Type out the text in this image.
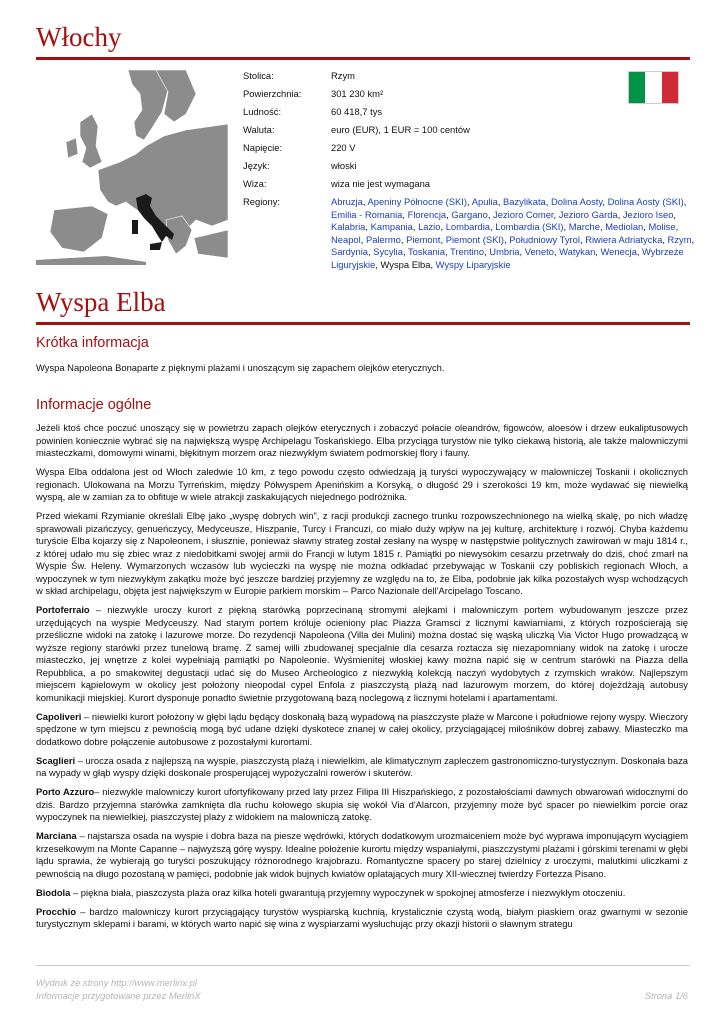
Włochy
Stolica:	Rzym
Powierzchnia:	301 230 km²
Ludność:	60 418,7 tys
Waluta:	euro (EUR), 1 EUR = 100 centów
Napięcie:	220 V
Język:	włoski
Wiza:	wiza nie jest wymagana
Regiony:	Abruzja, Apeniny Północne (SKI), Apulia, Bazylikata, Dolina Aosty, Dolina Aosty (SKI), Emilia - Romania, Florencja, Gargano, Jezioro Comer, Jezioro Garda, Jezioro Iseo, Kalabria, Kampania, Lazio, Lombardia, Lombardia (SKI), Marche, Mediolan, Molise, Neapol, Palermo, Piemont, Piemont (SKI), Południowy Tyrol, Riwiera Adriatycka, Rzym, Sardynia, Sycylia, Toskania, Trentino, Umbria, Veneto, Watykan, Wenecja, Wybrzeże Liguryjskie, Wyspa Elba, Wyspy Liparyjskie
Wyspa Elba
Krótka informacja

Wyspa Napoleona Bonaparte z pięknymi plażami i unoszącym się zapachem olejków eterycznych.

Informacje ogólne

Jeżeli ktoś chce poczuć unoszący się w powietrzu zapach olejków eterycznych i zobaczyć połacie oleandrów, figowców, aloesów i drzew eukaliptusowych powinien koniecznie wybrać się na największą wyspę Archipelagu Toskańskiego. Elba przyciąga turystów nie tylko ciekawą historią, ale także malowniczymi miasteczkami, domowymi winami, błękitnym morzem oraz niezwykłym światem podmorskiej flory i fauny.

Wyspa Elba oddalona jest od Włoch zaledwie 10 km, z tego powodu często odwiedzają ją turyści wypoczywający w malowniczej Toskanii i okolicznych regionach. Ulokowana na Morzu Tyrreńskim, między Półwyspem Apenińskim a Korsyką, o długość 29 i szerokości 19 km, może wydawać się niewielką wyspą, ale w zamian za to obfituje w wiele atrakcji zaskakujących niejednego podróżnika.

Przed wiekami Rzymianie określali Elbę jako „wyspę dobrych win", z racji produkcji zacnego trunku rozpowszechnionego na wielką skalę, po nich władzę sprawowali pizańczycy, genueńczycy, Medyceusze, Hiszpanie, Turcy i Francuzi, co miało duży wpływ na jej kulturę, architekturę i rozwój. Chyba każdemu turyście Elba kojarzy się z Napoleonem, i słusznie, ponieważ sławny strateg został zesłany na wyspę w następstwie politycznych zawirowań w maju 1814 r., z której udało mu się zbiec wraz z niedobitkami swojej armii do Francji w lutym 1815 r. Pamiątki po niewysokim cesarzu przetrwały do dziś, choć zmarł na Wyspie Św. Heleny. Wymarzonych wczasów lub wycieczki na wyspę nie można odkładać przebywając w Toskanii czy pobliskich regionach Włoch, a wypoczynek w tym niezwykłym zakątku może być jeszcze bardziej przyjemny ze względu na to, że Elba, podobnie jak kilka pozostałych wysp wchodzących w skład archipelagu, objęta jest największym w Europie parkiem morskim – Parco Nazionale dell'Arcipelago Toscano.

Portoferraio – niezwykle uroczy kurort z piękną starówką poprzecinaną stromymi alejkami i malowniczym portem wybudowanym jeszcze przez urzędujących na wyspie Medyceuszy. Nad starym portem króluje ocieniony plac Piazza Gramsci z licznymi kawiarniami, z których rozpościerają się prześliczne widoki na zatokę i lazurowe morze. Do rezydencji Napoleona (Villa dei Mulini) można dostać się wąską uliczką Via Victor Hugo prowadzącą w wyższe regiony starówki przez tunelową bramę. Z samej willi zbudowanej specjalnie dla cesarza roztacza się niezapomniany widok na zatokę i urocze miasteczko, jej wnętrze z kolei wypełniają pamiątki po Napoleonie. Wyśmienitej włoskiej kawy można napić się w centrum starówki na Piazza della Repubblica, a po smakowitej degustacji udać się do Museo Archeologico z niezwykłą kolekcją naczyń wydobytych z rzymskich wraków. Najlepszym miejscem kąpielowym w okolicy jest położony nieopodal cypel Enfola z piaszczystą plażą nad lazurowym morzem, do której dojeżdżają autobusy komunikacji miejskiej. Kurort dysponuje ponadto świetnie przygotowaną bazą noclegową z licznymi hotelami i apartamentami.

Capoliveri – niewielki kurort położony w głębi lądu będący doskonałą bazą wypadową na piaszczyste plaże w Marcone i południowe rejony wyspy. Wieczory spędzone w tym miejscu z pewnością mogą być udane dzięki dyskotece znanej w całej okolicy, przyciągającej miłośników dobrej zabawy. Miasteczko ma dodatkowo dobre połączenie autobusowe z pozostałymi kurortami.

Scaglieri – urocza osada z najlepszą na wyspie, piaszczystą plażą i niewielkim, ale klimatycznym zapleczem gastronomiczno-turystycznym. Doskonała baza na wypady w głąb wyspy dzięki doskonale prosperującej wypożyczalni rowerów i skuterów.

Porto Azzuro– niezwykle malowniczy kurort ufortyfikowany przed laty przez Filipa III Hiszpańskiego, z pozostałościami dawnych obwarowań widocznymi do dziś. Bardzo przyjemna starówka zamknięta dla ruchu kołowego skupia się wokół Via d'Alarcon, przyjemny może być spacer po niewielkim porcie oraz wypoczynek na niewielkiej, piaszczystej plaży z widokiem na malowniczą zatokę.

Marciana – najstarsza osada na wyspie i dobra baza na piesze wędrówki, których dodatkowym urozmaiceniem może być wyprawa imponującym wyciągiem krzesełkowym na Monte Capanne – najwyższą górę wyspy. Idealne położenie kurortu między wspaniałymi, piaszczystymi plażami i górskimi terenami w głębi lądu sprawia, że wybierają go turyści poszukujący różnorodnego krajobrazu. Romantyczne spacery po starej dzielnicy z uroczymi, malutkimi uliczkami z pewnością na długo pozostaną w pamięci, podobnie jak widok bujnych kwiatów oplatających mury XII-wiecznej twierdzy Fortezza Pisano.

Biodola – piękna biała, piaszczysta plaża oraz kilka hoteli gwarantują przyjemny wypoczynek w spokojnej atmosferze i niezwykłym otoczeniu.

Procchio – bardzo malowniczy kurort przyciągający turystów wyspiarską kuchnią, krystalicznie czystą wodą, białym piaskiem oraz gwarnymi w sezonie turystycznym sklepami i barami, w których warto napić się wina z wyspiarzami wysłuchując przy okazji historii o sławnym strategu

Wydruk ze strony http://www.merlinx.pl
Informacje przygotowane przez MerlinX	Strona 1/6
